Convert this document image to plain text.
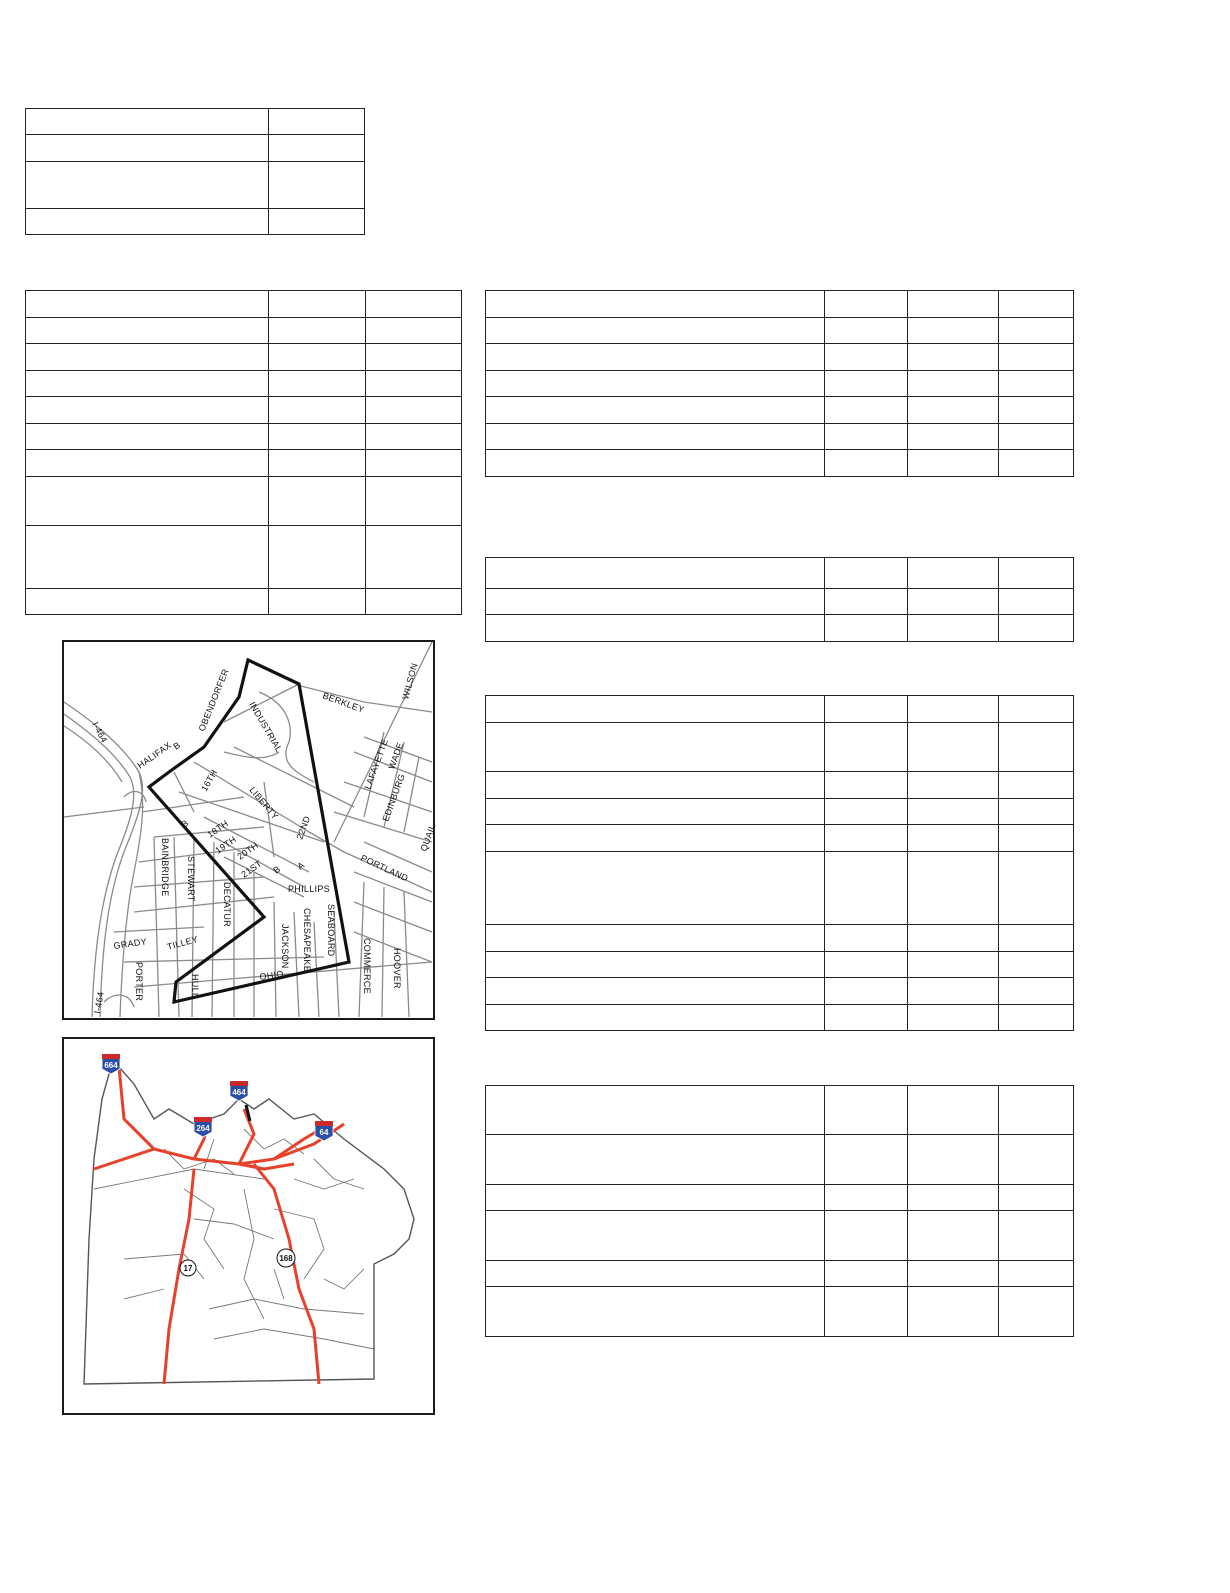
I-464	OBENDORFER INDUSTRIAL	BERKLEY
WILSON
HALIFAX
B
16TH
LIBERTY
LAFAYETTE
WADE
EDINBURG
QUAIL
18TH
B
19TH
20TH
22ND
21ST B A
PHILLIPS
PORTLAND
BAINBRIDGE STEWART
DECATUR
CHESAPEAKE SEABOARD
JACKSON	COMMERCE HOOVER
GRADY TILLEY
PORTER	HULL	OHIO
I-464
664
464
264	64
17
168
